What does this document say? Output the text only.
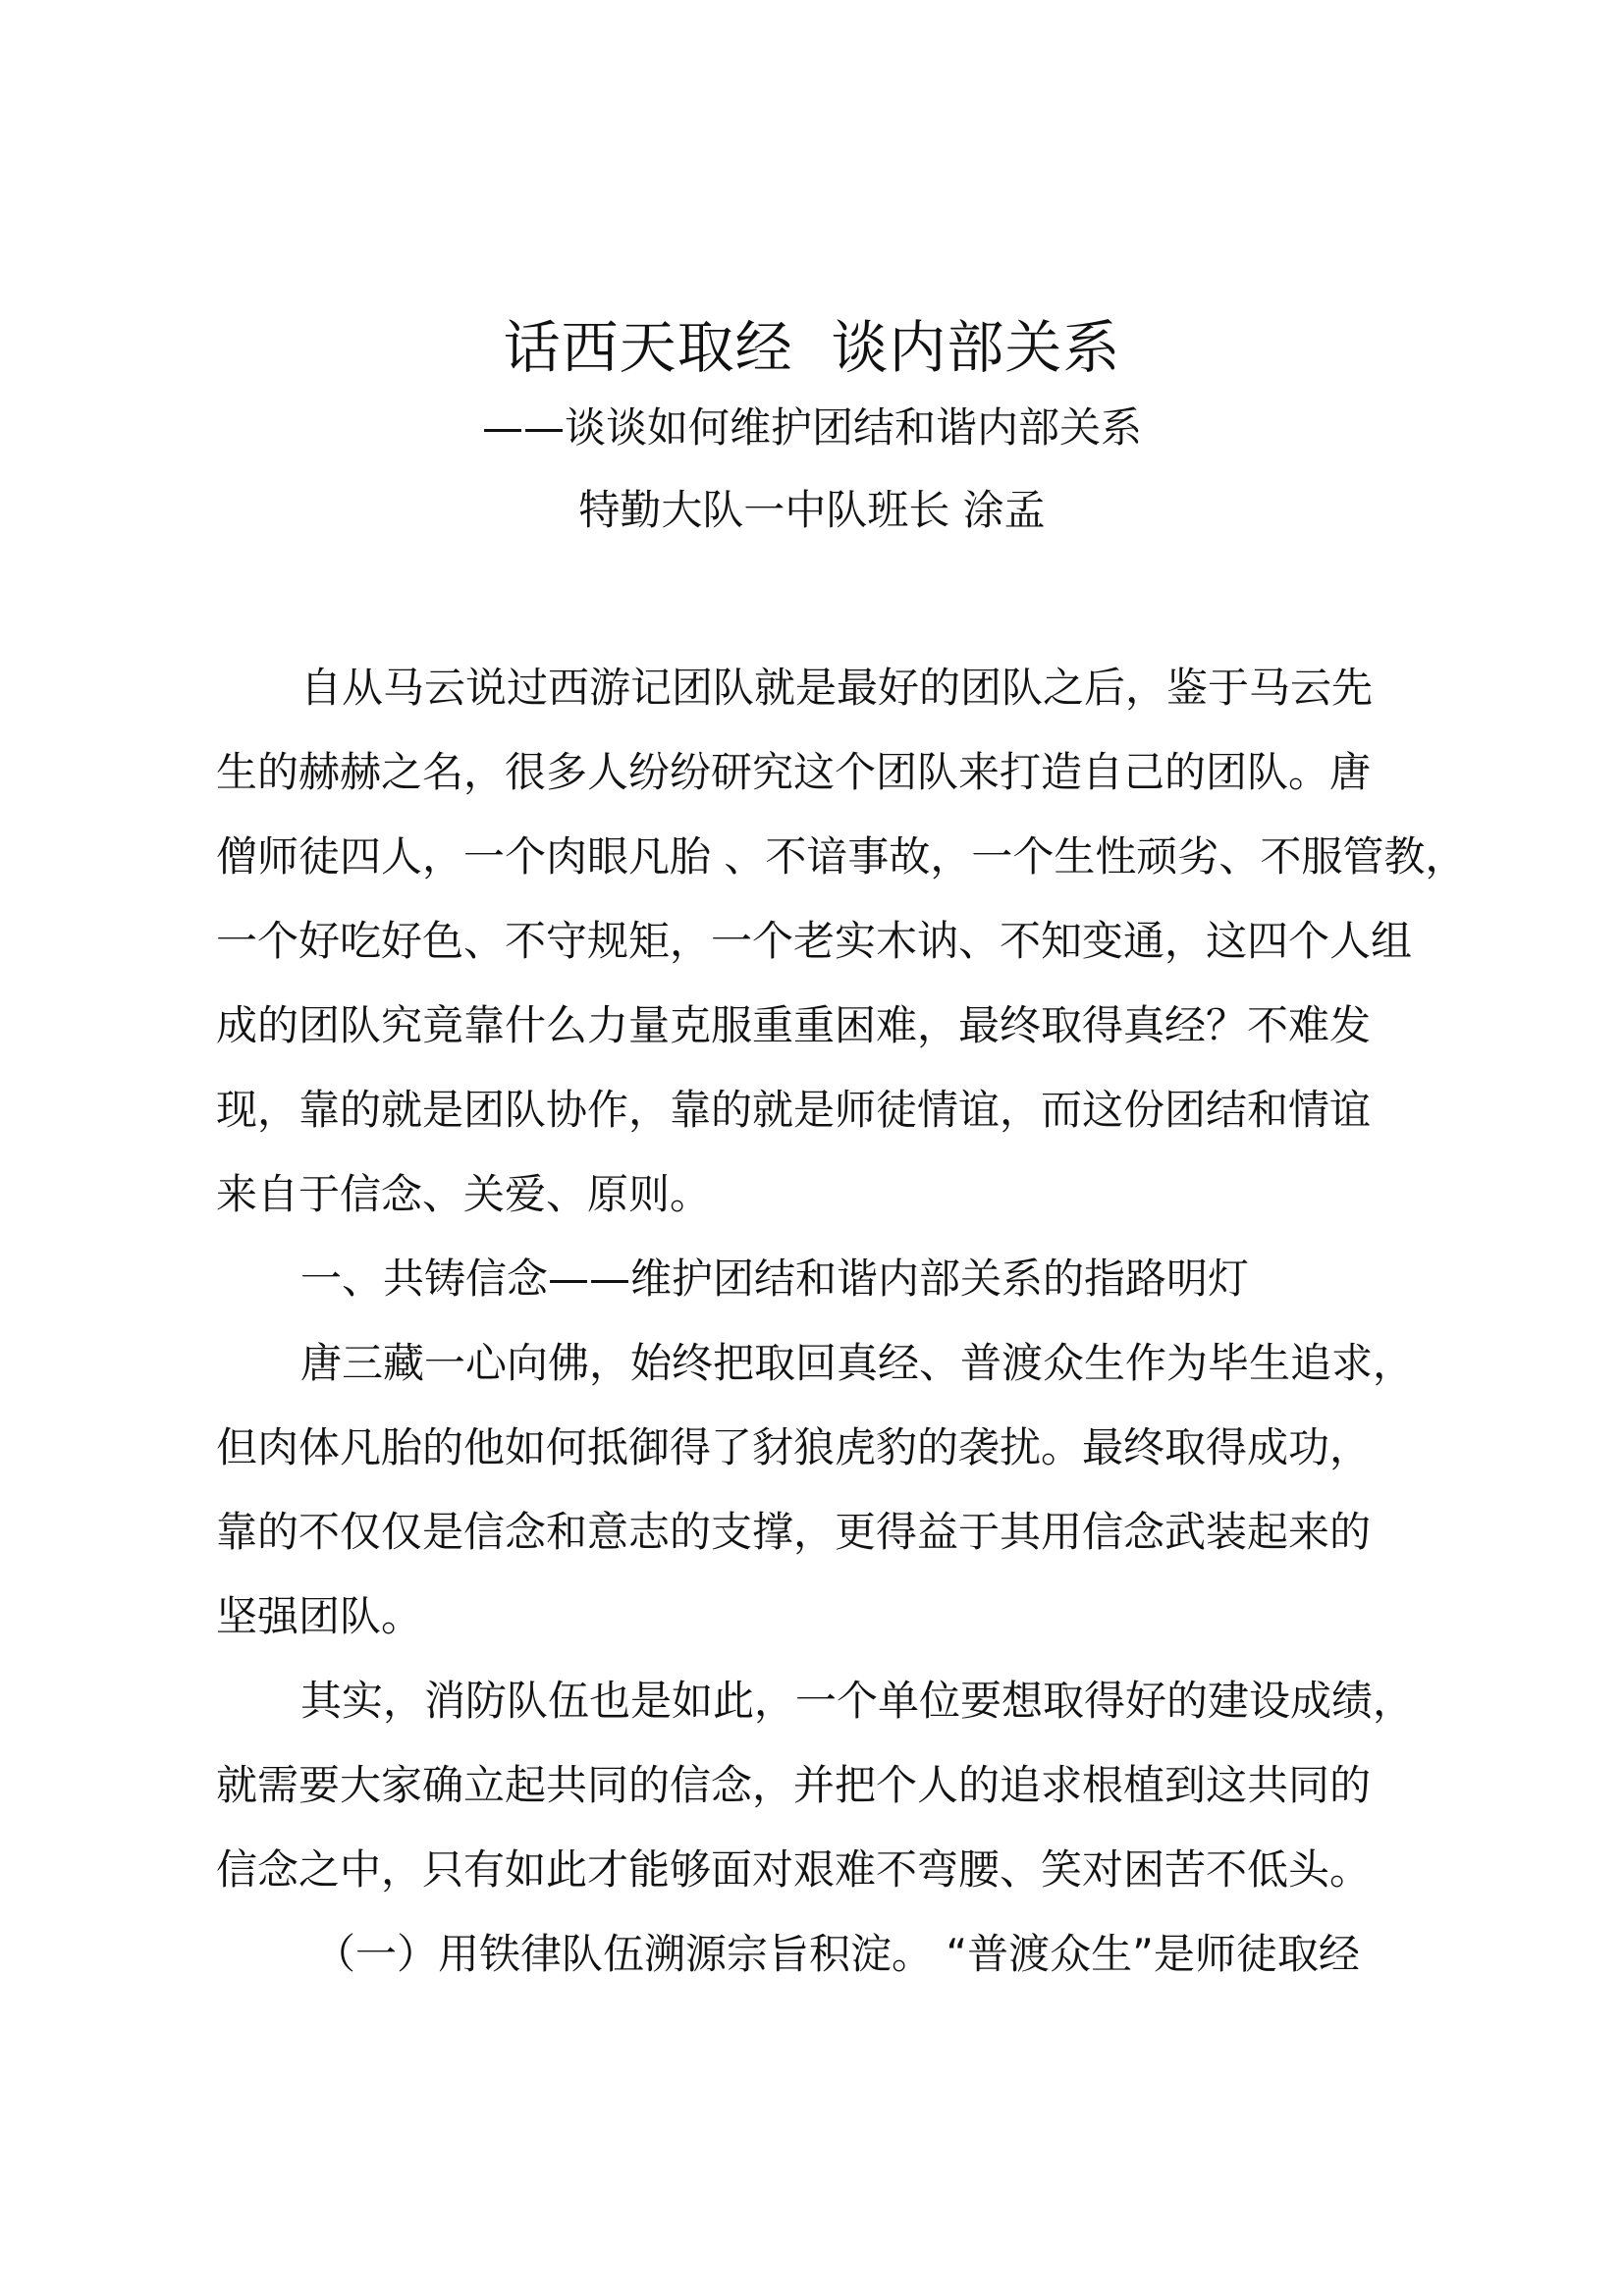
话西天取经  谈内部关系
——谈谈如何维护团结和谐内部关系
特勤大队一中队班长 涂孟
自从马云说过西游记团队就是最好的团队之后，鉴于马云先
生的赫赫之名，很多人纷纷研究这个团队来打造自己的团队。唐
僧师徒四人，一个肉眼凡胎 、不谙事故，一个生性顽劣、不服管教，
一个好吃好色、不守规矩，一个老实木讷、不知变通，这四个人组
成的团队究竟靠什么力量克服重重困难，最终取得真经？不难发
现，靠的就是团队协作，靠的就是师徒情谊，而这份团结和情谊
来自于信念、关爱、原则。
一、共铸信念——维护团结和谐内部关系的指路明灯
唐三藏一心向佛，始终把取回真经、普渡众生作为毕生追求，
但肉体凡胎的他如何抵御得了豺狼虎豹的袭扰。最终取得成功，
靠的不仅仅是信念和意志的支撑，更得益于其用信念武装起来的
坚强团队。
其实，消防队伍也是如此，一个单位要想取得好的建设成绩，
就需要大家确立起共同的信念，并把个人的追求根植到这共同的
信念之中，只有如此才能够面对艰难不弯腰、笑对困苦不低头。
（一）用铁律队伍溯源宗旨积淀。 “普渡众生”是师徒取经
